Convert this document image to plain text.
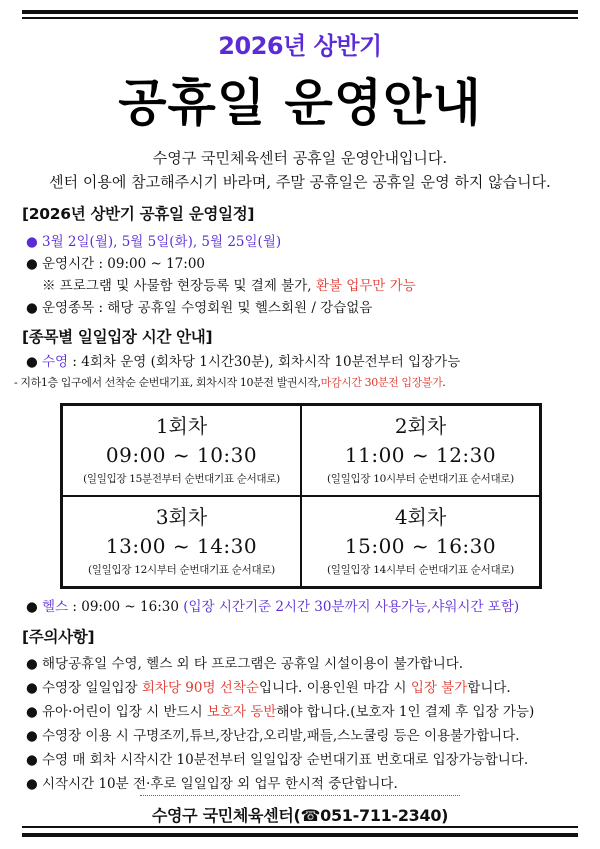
2026년 상반기
공휴일 운영안내
수영구 국민체육센터 공휴일 운영안내입니다.
센터 이용에 참고해주시기 바라며, 주말 공휴일은 공휴일 운영 하지 않습니다.
[2026년 상반기 공휴일 운영일정]
● 3월 2일(월), 5월 5일(화), 5월 25일(월)
● 운영시간 : 09:00 ~ 17:00
※ 프로그램 및 사물함 현장등록 및 결제 불가, 환불 업무만 가능
● 운영종목 : 해당 공휴일 수영회원 및 헬스회원 / 강습없음
[종목별 일일입장 시간 안내]
● 수영 : 4회차 운영 (회차당 1시간30분), 회차시작 10분전부터 입장가능
- 지하1층 입구에서 선착순 순번대기표, 회차시작 10분전 발권시작,마감시간 30분전 입장불가.
1회차
09:00 ~ 10:30
(일일입장 15분전부터 순번대기표 순서대로)
2회차
11:00 ~ 12:30
(일일입장 10시부터 순번대기표 순서대로)
3회차
13:00 ~ 14:30
(일일입장 12시부터 순번대기표 순서대로)
4회차
15:00 ~ 16:30
(일일입장 14시부터 순번대기표 순서대로)
● 헬스 : 09:00 ~ 16:30 (입장 시간기준 2시간 30분까지 사용가능,샤워시간 포함)
[주의사항]
● 해당공휴일 수영, 헬스 외 타 프로그램은 공휴일 시설이용이 불가합니다.
● 수영장 일일입장 회차당 90명 선착순입니다. 이용인원 마감 시 입장 불가합니다.
● 유아·어린이 입장 시 반드시 보호자 동반해야 합니다.(보호자 1인 결제 후 입장 가능)
● 수영장 이용 시 구명조끼,튜브,장난감,오리발,패들,스노쿨링 등은 이용불가합니다.
● 수영 매 회차 시작시간 10분전부터 일일입장 순번대기표 번호대로 입장가능합니다.
● 시작시간 10분 전·후로 일일입장 외 업무 한시적 중단합니다.
수영구 국민체육센터(☎051-711-2340)
